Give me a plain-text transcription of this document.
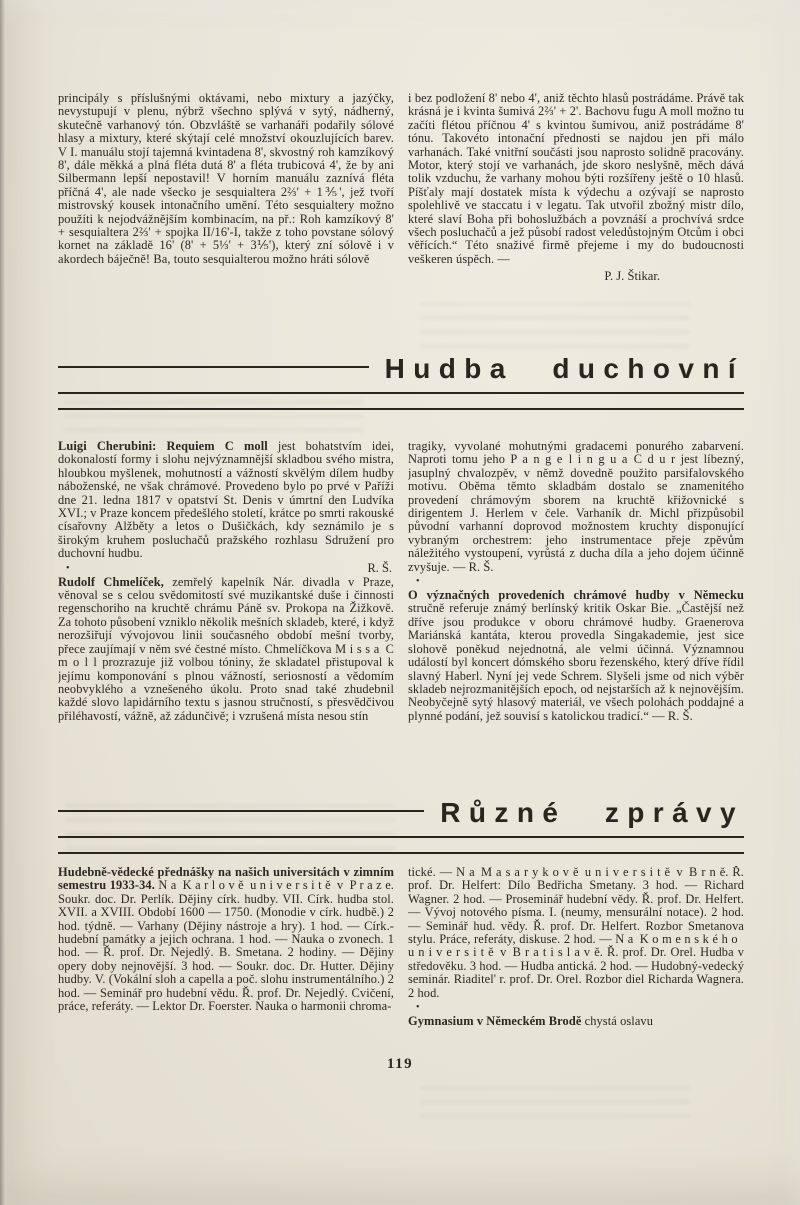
principály s příslušnými oktávami, nebo mixtury a jazýčky, nevystupují v plenu, nýbrž všechno splývá v sytý, nádherný, skutečně varhanový tón. Obzvláště se varhanáři podařily sólové hlasy a mixtury, které skýtají celé množství okouzlujících barev. V I. manuálu stojí tajemná kvintadena 8', skvostný roh kamzíkový 8', dále měkká a plná fléta dutá 8' a fléta trubicová 4', že by ani Silbermann lepší nepostavil! V horním manuálu zaznívá fléta příčná 4', ale nade všecko je sesquialtera 2⅔' + 1⅗', jež tvoří mistrovský kousek intonačního umění. Této sesquialtery možno použíti k nejodvážnějším kombinacím, na př.: Roh kamzíkový 8' + sesquialtera 2⅔' + spojka II/16'-I, takže z toho povstane sólový kornet na základě 16' (8' + 5⅓' + 3⅕'), který zní sólově i v akordech báječně! Ba, touto sesquialterou možno hráti sólově

i bez podložení 8' nebo 4', aniž těchto hlasů postrádáme. Právě tak krásná je i kvinta šumivá 2⅔' + 2'. Bachovu fugu A moll možno tu začíti flétou příčnou 4' s kvintou šumivou, aniž postrádáme 8' tónu. Takovéto intonační přednosti se najdou jen při málo varhanách. Také vnitřní součásti jsou naprosto solidně pracovány. Motor, který stojí ve varhanách, jde skoro neslyšně, měch dává tolik vzduchu, že varhany mohou býti rozšířeny ještě o 10 hlasů. Píšťaly mají dostatek místa k výdechu a ozývají se naprosto spolehlivě ve staccatu i v legatu. Tak utvořil zbožný mistr dílo, které slaví Boha při bohoslužbách a povznáší a prochvívá srdce všech posluchačů a jež působí radost veledůstojným Otcům i obci věřících.“ Této snaživé firmě přejeme i my do budoucnosti veškeren úspěch. —

P. J. Štikar.
Hudba duchovní

Luigi Cherubini: Requiem C moll jest bohatstvím idei, dokonalostí formy i slohu nejvýznamnější skladbou svého mistra, hloubkou myšlenek, mohutností a vážností skvělým dílem hudby náboženské, ne však chrámové. Provedeno bylo po prvé v Paříži dne 21. ledna 1817 v opatství St. Denis v úmrtní den Ludvíka XVI.; v Praze koncem předešlého století, krátce po smrti rakouské císařovny Alžběty a letos o Dušičkách, kdy seznámilo je s širokým kruhem posluchačů pražského rozhlasu Sdružení pro duchovní hudbu.

•	R. Š.

Rudolf Chmelíček, zemřelý kapelník Nár. divadla v Praze, věnoval se s celou svědomitostí své muzikantské duše i činnosti regenschoriho na kruchtě chrámu Páně sv. Prokopa na Žižkově. Za tohoto působení vzniklo několik mešních skladeb, které, i když nerozšiřují vývojovou linii současného období mešní tvorby, přece zaujímají v něm své čestné místo. Chmelíčkova M i s s a C m o l l prozrazuje již volbou tóniny, že skladatel přistupoval k jejímu komponování s plnou vážností, seriosností a vědomím neobvyklého a vznešeného úkolu. Proto snad také zhudebnil každé slovo lapidárního textu s jasnou stručností, s přesvědčivou přiléhavostí, vážně, až zádunčivě; i vzrušená místa nesou stín

tragiky, vyvolané mohutnými gradacemi ponurého zabarvení. Naproti tomu jeho P a n g e l i n g u a C d u r jest líbezný, jasuplný chvalozpěv, v němž dovedně použito parsifalovského motivu. Oběma těmto skladbám dostalo se znamenitého provedení chrámovým sborem na kruchtě křižovnické s dirigentem J. Herlem v čele. Varhaník dr. Michl přizpůsobil původní varhanní doprovod možnostem kruchty disponující vybraným orchestrem: jeho instrumentace přeje zpěvům náležitého vystoupení, vyrůstá z ducha díla a jeho dojem účinně zvyšuje. — R. Š.

•

O význačných provedeních chrámové hudby v Německu stručně referuje známý berlínský kritik Oskar Bie. „Častější než dříve jsou produkce v oboru chrámové hudby. Graenerova Mariánská kantáta, kterou provedla Singakademie, jest sice slohově poněkud nejednotná, ale velmi účinná. Významnou událostí byl koncert dómského sboru řezenského, který dříve řídil slavný Haberl. Nyní jej vede Schrem. Slyšeli jsme od nich výběr skladeb nejrozmanitějších epoch, od nejstarších až k nejnovějším. Neobyčejně sytý hlasový materiál, ve všech polohách poddajné a plynné podání, jež souvisí s katolickou tradicí.“ — R. Š.

Různé zprávy

Hudebně-vědecké přednášky na našich universitách v zimním semestru 1933-34. N a K a r l o v ě u n i v e r s i t ě v P r a z e. Soukr. doc. Dr. Perlík. Dějiny círk. hudby. VII. Círk. hudba stol. XVII. a XVIII. Období 1600 — 1750. (Monodie v círk. hudbě.) 2 hod. týdně. — Varhany (Dějiny nástroje a hry). 1 hod. — Círk.-hudební památky a jejich ochrana. 1 hod. — Nauka o zvonech. 1 hod. — Ř. prof. Dr. Nejedlý. B. Smetana. 2 hodiny. — Dějiny opery doby nejnovější. 3 hod. — Soukr. doc. Dr. Hutter. Dějiny hudby. V. (Vokální sloh a capella a poč. slohu instrumentálního.) 2 hod. — Seminář pro hudební vědu. Ř. prof. Dr. Nejedlý. Cvičení, práce, referáty. — Lektor Dr. Foerster. Nauka o harmonii chroma-

tické. — N a M a s a r y k o v ě u n i v e r s i t ě v B r n ě. Ř. prof. Dr. Helfert: Dílo Bedřicha Smetany. 3 hod. — Richard Wagner. 2 hod. — Proseminář hudební vědy. Ř. prof. Dr. Helfert. — Vývoj notového písma. I. (neumy, mensurální notace). 2 hod. — Seminář hud. vědy. Ř. prof. Dr. Helfert. Rozbor Smetanova stylu. Práce, referáty, diskuse. 2 hod. — N a K o m e n s k é h o u n i v e r s i t ě v B r a t i s l a v ě. Ř. prof. Dr. Orel. Hudba v středověku. 3 hod. — Hudba antická. 2 hod. — Hudobný-vedecký seminár. Riaditel' r. prof. Dr. Orel. Rozbor diel Richarda Wagnera. 2 hod.

•

Gymnasium v Německém Brodě chystá oslavu

119
